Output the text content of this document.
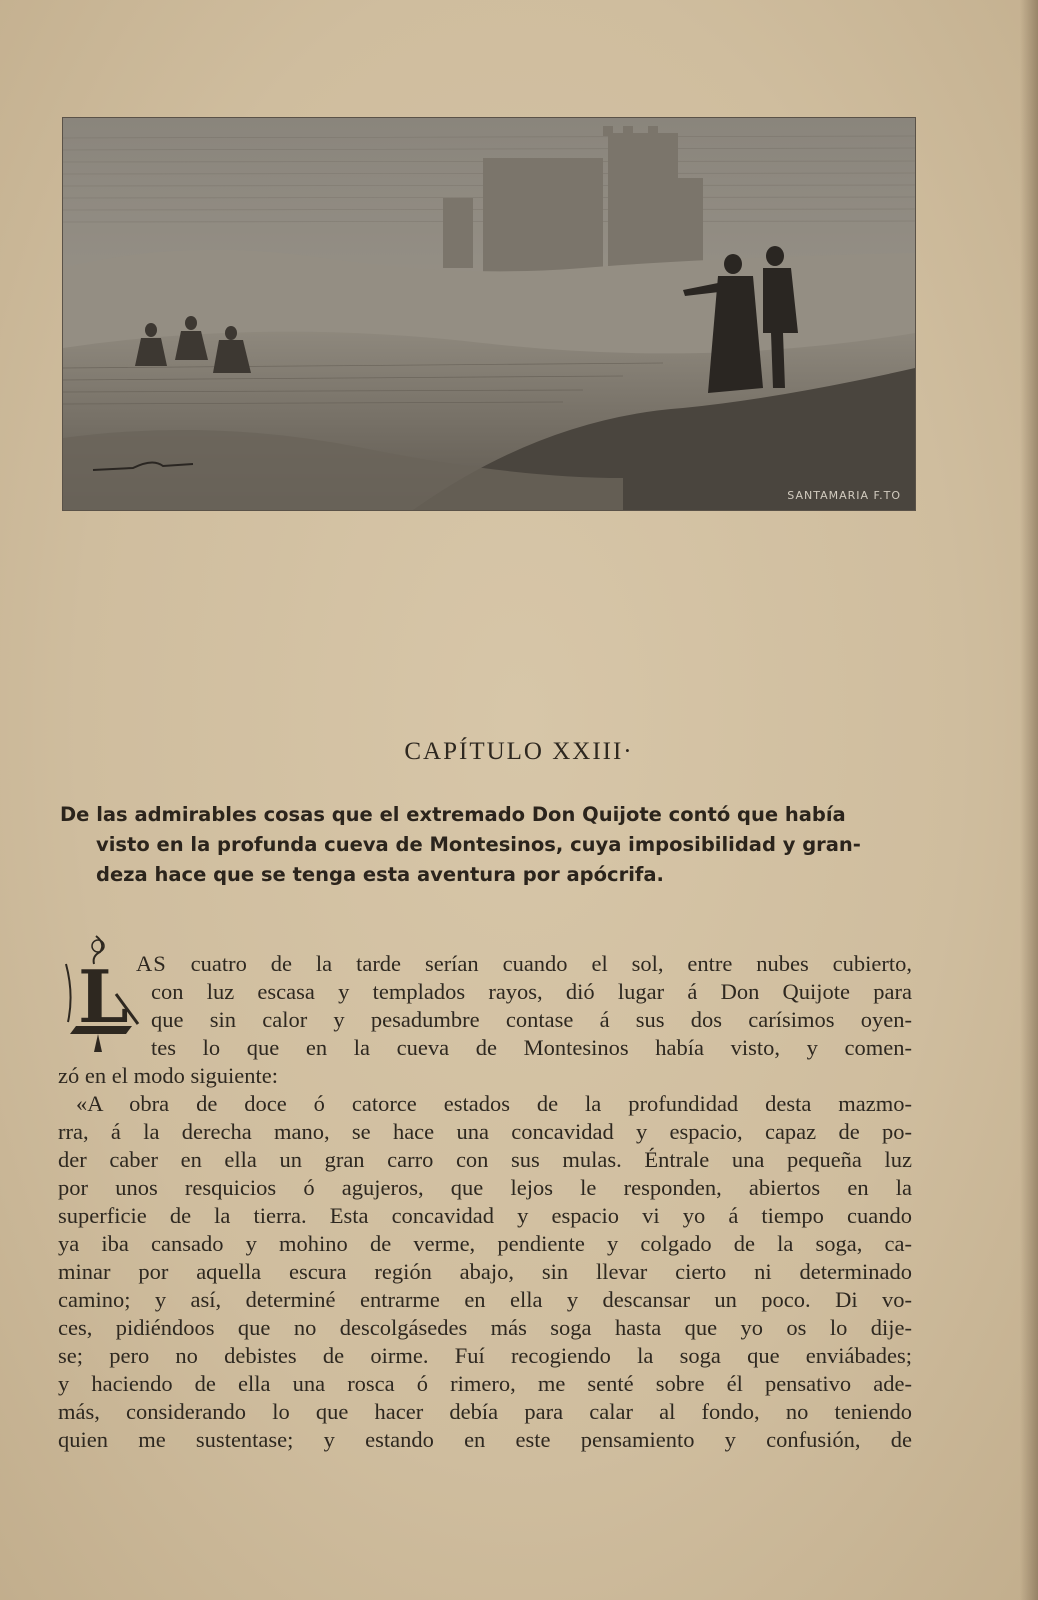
SANTAMARIA F.TO
CAPÍTULO XXIII·
De las admirables cosas que el extremado Don Quijote contó que había
visto en la profunda cueva de Montesinos, cuya imposibilidad y gran-
deza hace que se tenga esta aventura por apócrifa.
L AS cuatro de la tarde serían cuando el sol, entre nubes cubierto,
con luz escasa y templados rayos, dió lugar á Don Quijote para
que sin calor y pesadumbre contase á sus dos carísimos oyen-
tes lo que en la cueva de Montesinos había visto, y comen-
zó en el modo siguiente:
«A obra de doce ó catorce estados de la profundidad desta mazmo-
rra, á la derecha mano, se hace una concavidad y espacio, capaz de po-
der caber en ella un gran carro con sus mulas. Éntrale una pequeña luz
por unos resquicios ó agujeros, que lejos le responden, abiertos en la
superficie de la tierra. Esta concavidad y espacio vi yo á tiempo cuando
ya iba cansado y mohino de verme, pendiente y colgado de la soga, ca-
minar por aquella escura región abajo, sin llevar cierto ni determinado
camino; y así, determiné entrarme en ella y descansar un poco. Di vo-
ces, pidiéndoos que no descolgásedes más soga hasta que yo os lo dije-
se; pero no debistes de oirme. Fuí recogiendo la soga que enviábades;
y haciendo de ella una rosca ó rimero, me senté sobre él pensativo ade-
más, considerando lo que hacer debía para calar al fondo, no teniendo
quien me sustentase; y estando en este pensamiento y confusión, de
